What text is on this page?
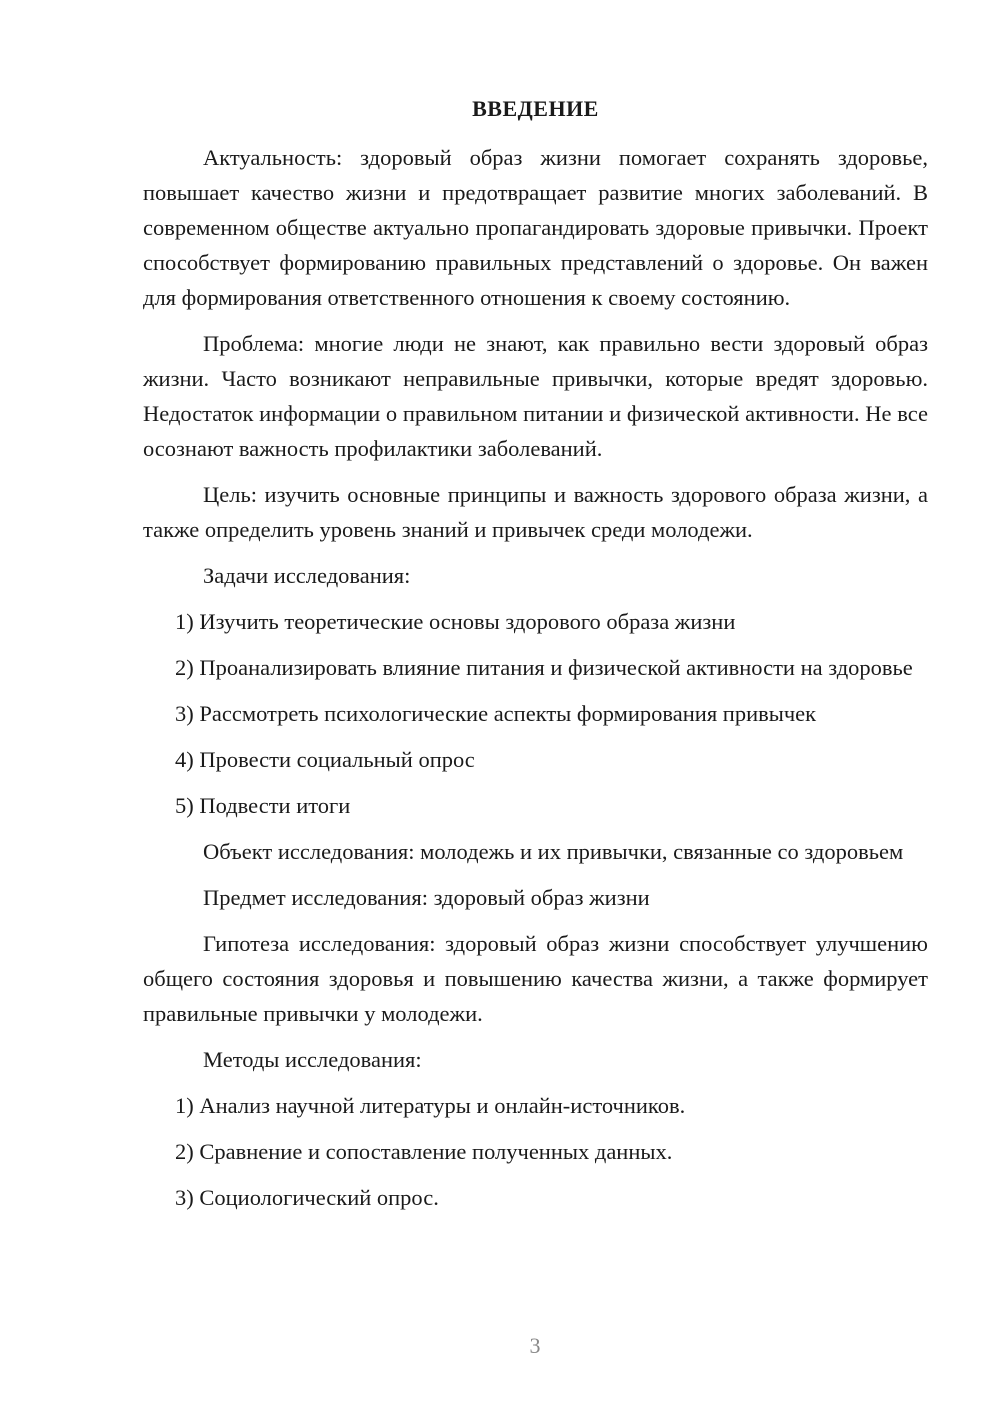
ВВЕДЕНИЕ

Актуальность: здоровый образ жизни помогает сохранять здоровье, повышает качество жизни и предотвращает развитие многих заболеваний. В современном обществе актуально пропагандировать здоровые привычки. Проект способствует формированию правильных представлений о здоровье. Он важен для формирования ответственного отношения к своему состоянию.

Проблема: многие люди не знают, как правильно вести здоровый образ жизни. Часто возникают неправильные привычки, которые вредят здоровью. Недостаток информации о правильном питании и физической активности. Не все осознают важность профилактики заболеваний.

Цель: изучить основные принципы и важность здорового образа жизни, а также определить уровень знаний и привычек среди молодежи.

Задачи исследования:

1) Изучить теоретические основы здорового образа жизни

2) Проанализировать влияние питания и физической активности на здоровье

3) Рассмотреть психологические аспекты формирования привычек

4) Провести социальный опрос

5) Подвести итоги

Объект исследования: молодежь и их привычки, связанные со здоровьем

Предмет исследования: здоровый образ жизни

Гипотеза исследования: здоровый образ жизни способствует улучшению общего состояния здоровья и повышению качества жизни, а также формирует правильные привычки у молодежи.

Методы исследования:

1) Анализ научной литературы и онлайн-источников.

2) Сравнение и сопоставление полученных данных.

3) Социологический опрос.

3
